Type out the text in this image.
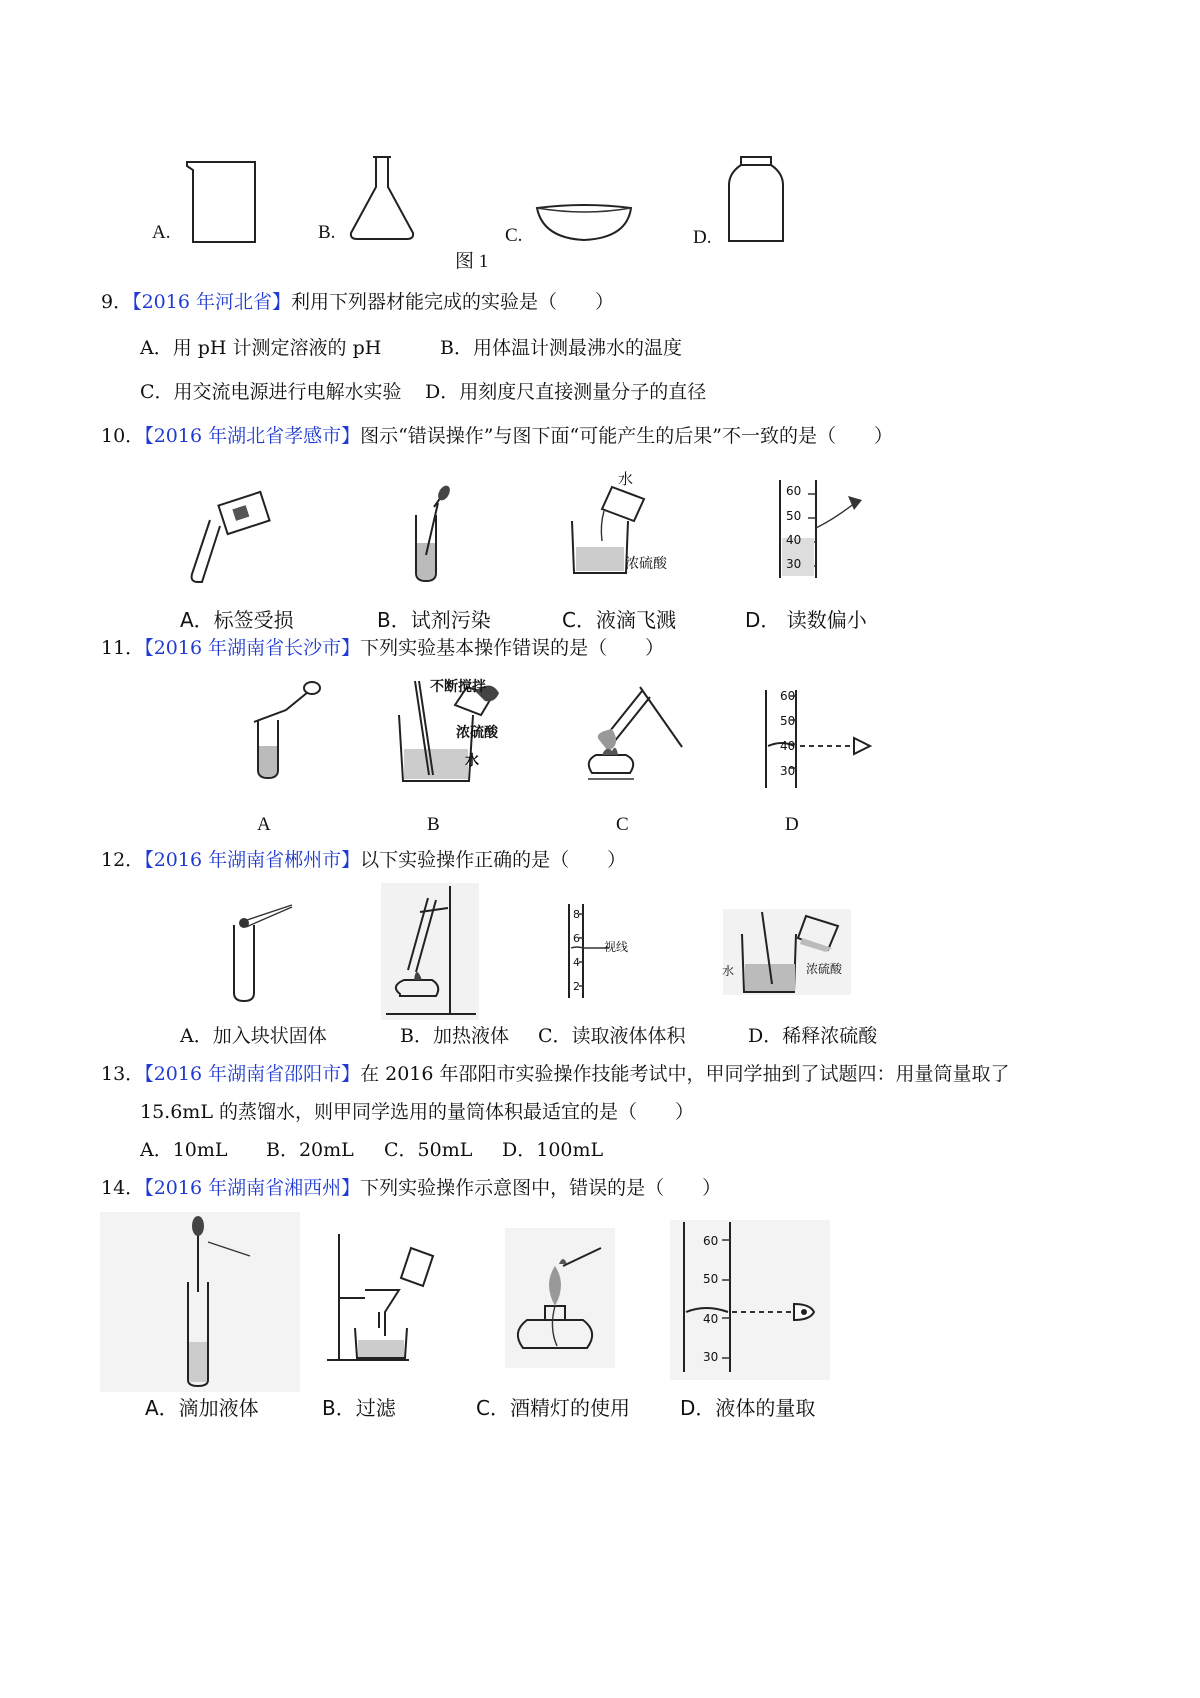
A.	B.	C.	D.
图 1
9．【2016 年河北省】利用下列器材能完成的实验是（　　）
A．用 pH 计测定溶液的 pH	B．用体温计测最沸水的温度
C．用交流电源进行电解水实验 D．用刻度尺直接测量分子的直径
10．【2016 年湖北省孝感市】图示“错误操作”与图下面“可能产生的后果”不一致的是（　　）
水
浓硫酸
60
50
40
30
A．标签受损	B．试剂污染	C．液滴飞溅	D． 读数偏小
11．【2016 年湖南省长沙市】下列实验基本操作错误的是（　　）
不断搅拌
浓硫酸
水
60
50
40
30
A	B	C	D
12．【2016 年湖南省郴州市】以下实验操作正确的是（　　）
8
6
4
2
视线
水	浓硫酸
A．加入块状固体	B．加热液体 C．读取液体体积	D．稀释浓硫酸
13．【2016 年湖南省邵阳市】在 2016 年邵阳市实验操作技能考试中，甲同学抽到了试题四：用量筒量取了
15.6mL 的蒸馏水，则甲同学选用的量筒体积最适宜的是（　　）
A．10mL B．20mL C．50mL D．100mL
14．【2016 年湖南省湘西州】下列实验操作示意图中，错误的是（　　）
60
50
40
30
A．滴加液体	B．过滤	C．酒精灯的使用	D．液体的量取
